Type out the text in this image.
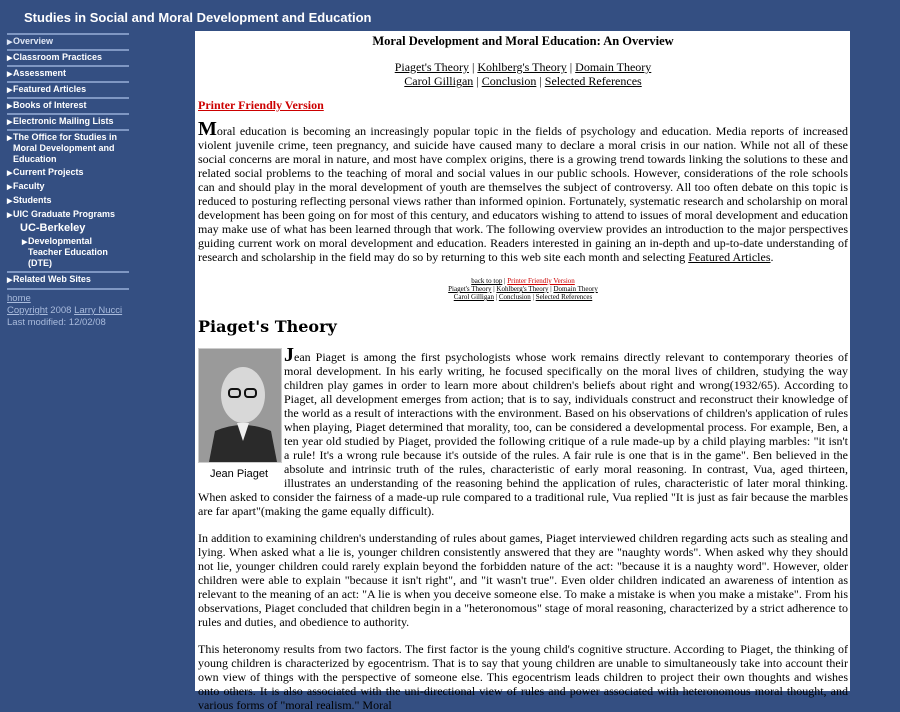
Studies in Social and Moral Development and Education
▶Overview
▶Classroom Practices
▶Assessment
▶Featured Articles
▶Books of Interest
▶Electronic Mailing Lists
▶The Office for Studies in Moral Development and Education
▶Current Projects
▶Faculty
▶Students
▶UIC Graduate Programs
UC-Berkeley
▶Developmental Teacher Education (DTE)
▶Related Web Sites
home
Copyright 2008 Larry Nucci
Last modified: 12/02/08
Moral Development and Moral Education: An Overview
Piaget's Theory | Kohlberg's Theory | Domain Theory
Carol Gilligan | Conclusion | Selected References
Printer Friendly Version

Moral education is becoming an increasingly popular topic in the fields of psychology and education. Media reports of increased violent juvenile crime, teen pregnancy, and suicide have caused many to declare a moral crisis in our nation. While not all of these social concerns are moral in nature, and most have complex origins, there is a growing trend towards linking the solutions to these and related social problems to the teaching of moral and social values in our public schools. However, considerations of the role schools can and should play in the moral development of youth are themselves the subject of controversy. All too often debate on this topic is reduced to posturing reflecting personal views rather than informed opinion. Fortunately, systematic research and scholarship on moral development has been going on for most of this century, and educators wishing to attend to issues of moral development and education may make use of what has been learned through that work. The following overview provides an introduction to the major perspectives guiding current work on moral development and education. Readers interested in gaining an in-depth and up-to-date understanding of research and scholarship in the field may do so by returning to this web site each month and selecting Featured Articles.

back to top | Printer Friendly Version
Piaget's Theory | Kohlberg's Theory | Domain Theory
Carol Gilligan | Conclusion | Selected References
Piaget's Theory
Jean Piaget

Jean Piaget is among the first psychologists whose work remains directly relevant to contemporary theories of moral development. In his early writing, he focused specifically on the moral lives of children, studying the way children play games in order to learn more about children's beliefs about right and wrong(1932/65). According to Piaget, all development emerges from action; that is to say, individuals construct and reconstruct their knowledge of the world as a result of interactions with the environment. Based on his observations of children's application of rules when playing, Piaget determined that morality, too, can be considered a developmental process. For example, Ben, a ten year old studied by Piaget, provided the following critique of a rule made-up by a child playing marbles: "it isn't a rule! It's a wrong rule because it's outside of the rules. A fair rule is one that is in the game". Ben believed in the absolute and intrinsic truth of the rules, characteristic of early moral reasoning. In contrast, Vua, aged thirteen, illustrates an understanding of the reasoning behind the application of rules, characteristic of later moral thinking. When asked to consider the fairness of a made-up rule compared to a traditional rule, Vua replied "It is just as fair because the marbles are far apart"(making the game equally difficult).

In addition to examining children's understanding of rules about games, Piaget interviewed children regarding acts such as stealing and lying. When asked what a lie is, younger children consistently answered that they are "naughty words". When asked why they should not lie, younger children could rarely explain beyond the forbidden nature of the act: "because it is a naughty word". However, older children were able to explain "because it isn't right", and "it wasn't true". Even older children indicated an awareness of intention as relevant to the meaning of an act: "A lie is when you deceive someone else. To make a mistake is when you make a mistake". From his observations, Piaget concluded that children begin in a "heteronomous" stage of moral reasoning, characterized by a strict adherence to rules and duties, and obedience to authority.

This heteronomy results from two factors. The first factor is the young child's cognitive structure. According to Piaget, the thinking of young children is characterized by egocentrism. That is to say that young children are unable to simultaneously take into account their own view of things with the perspective of someone else. This egocentrism leads children to project their own thoughts and wishes onto others. It is also associated with the uni-directional view of rules and power associated with heteronomous moral thought, and various forms of "moral realism." Moral
